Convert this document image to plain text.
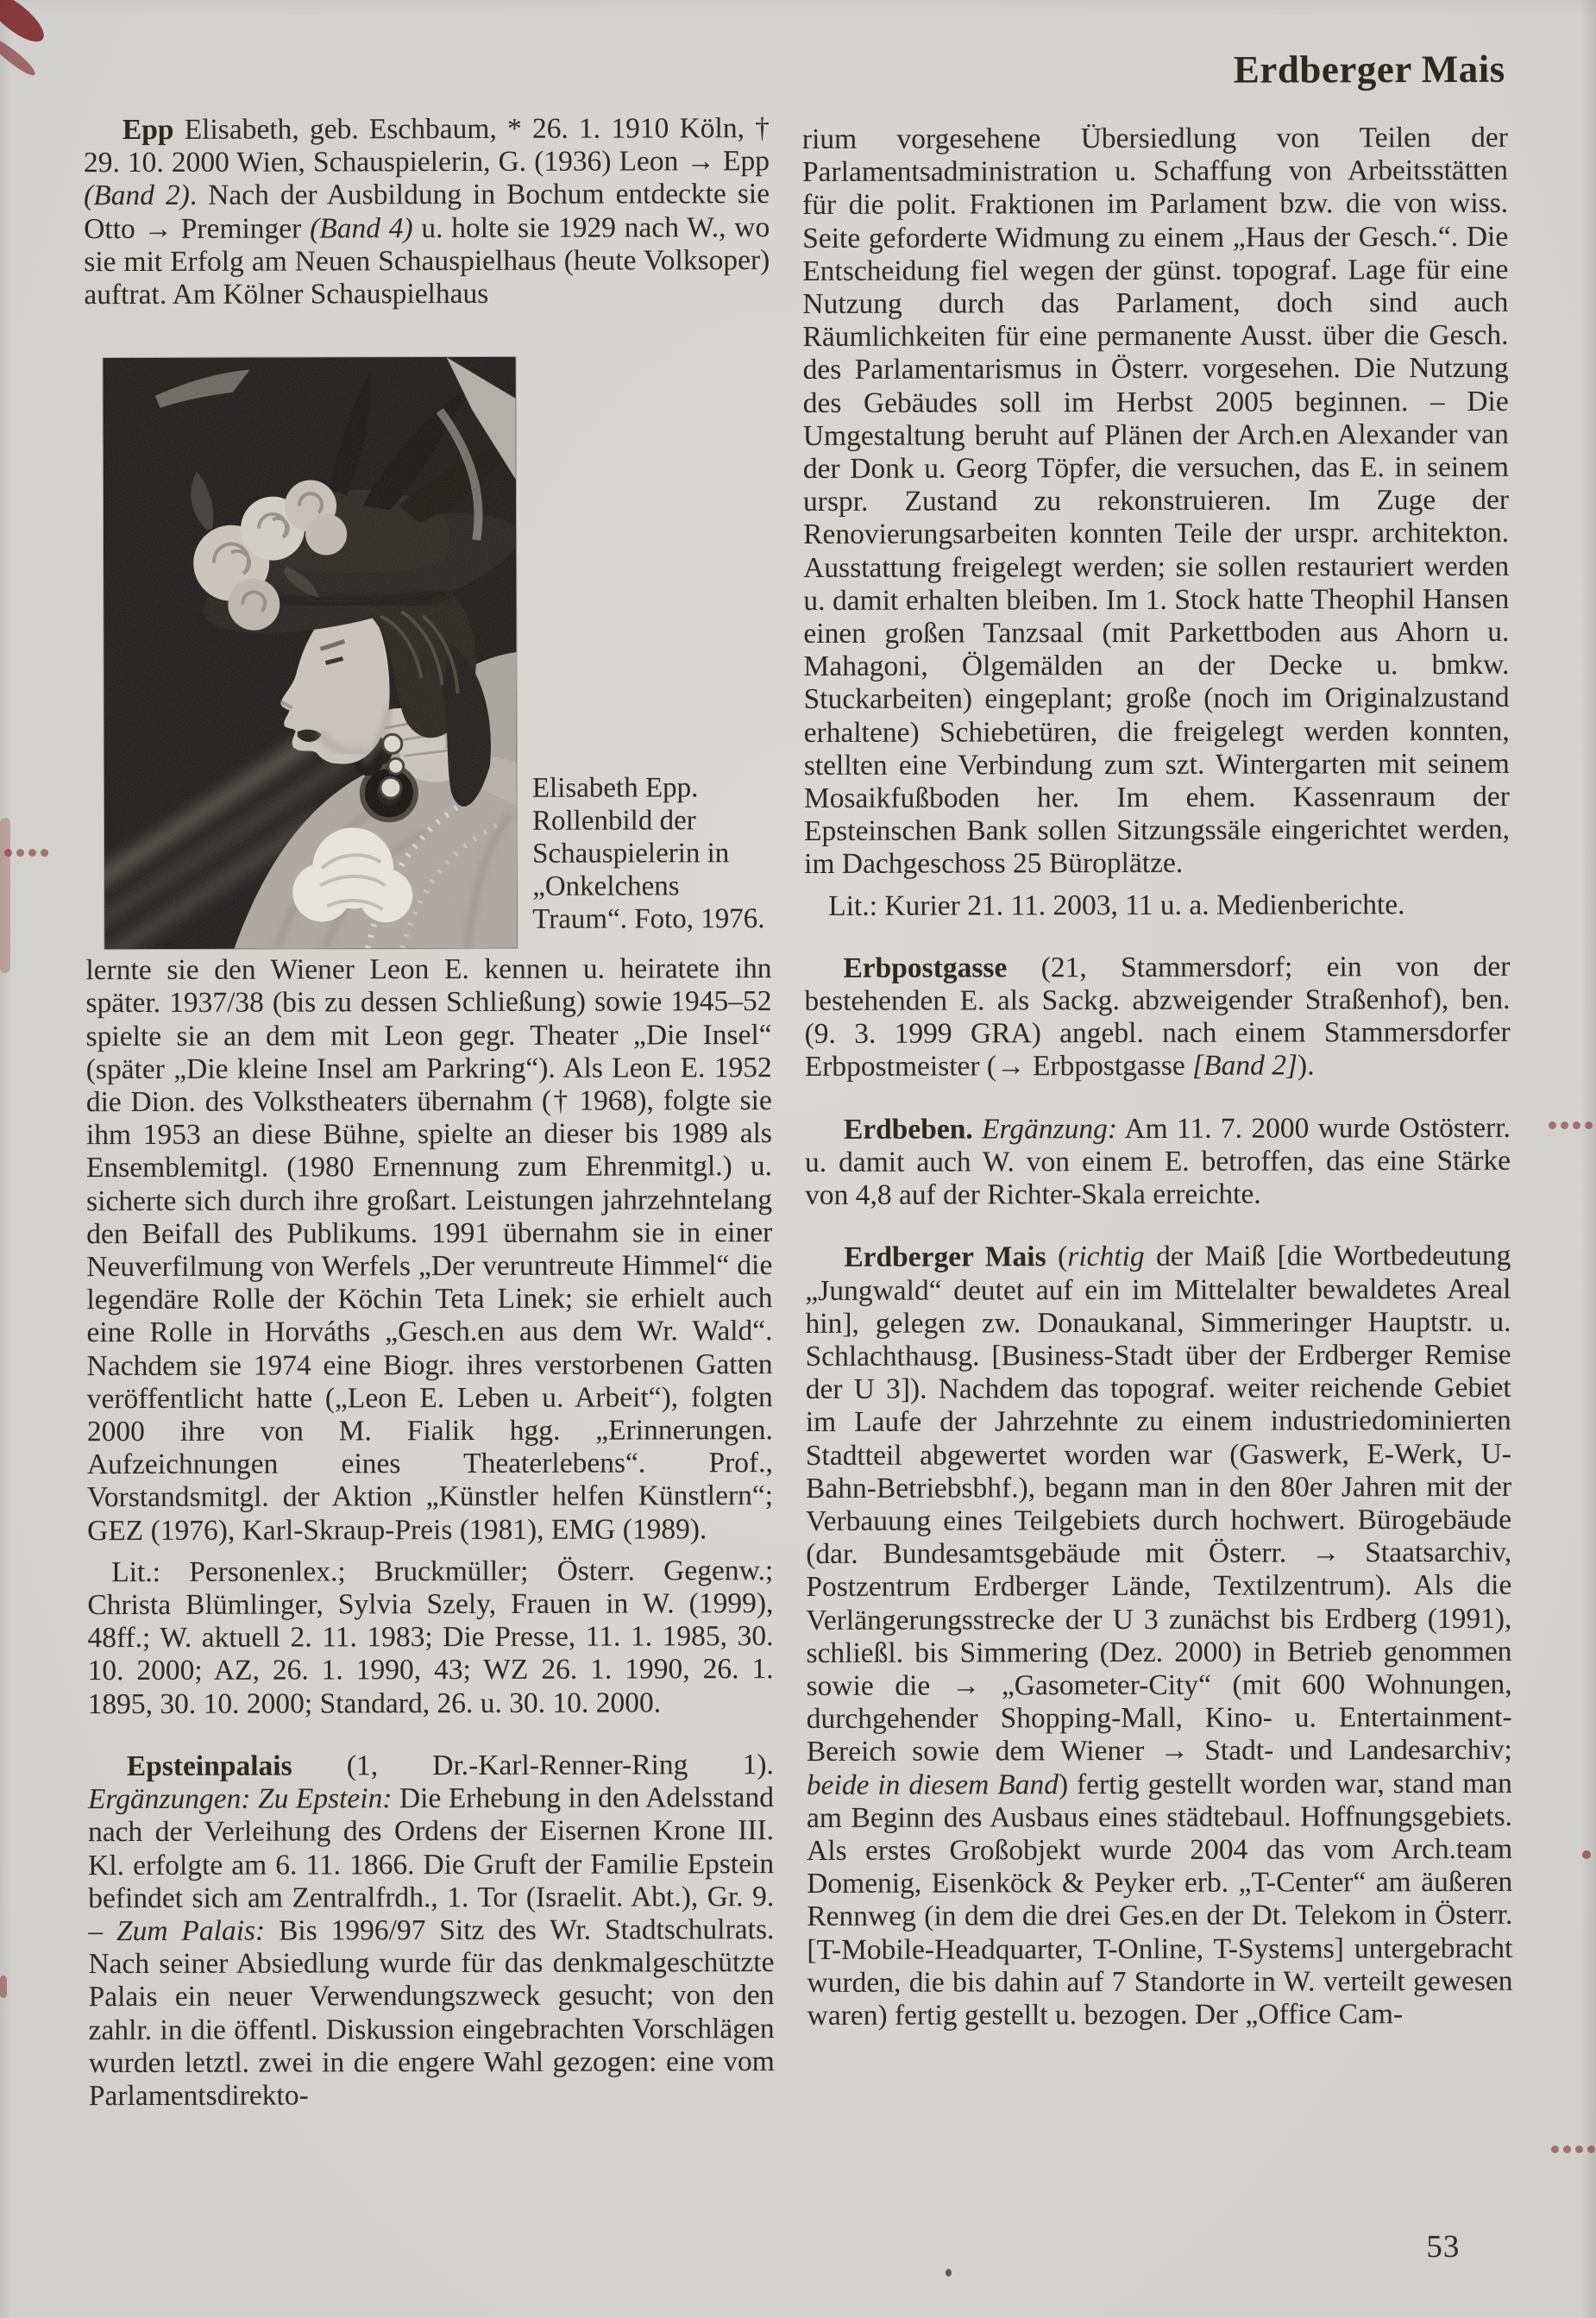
Erdberger Mais

Epp Elisabeth, geb. Eschbaum, * 26. 1. 1910 Köln, † 29. 10. 2000 Wien, Schauspielerin, G. (1936) Leon → Epp (Band 2). Nach der Ausbildung in Bochum entdeckte sie Otto → Preminger (Band 4) u. holte sie 1929 nach W., wo sie mit Erfolg am Neuen Schauspielhaus (heute Volksoper) auftrat. Am Kölner Schauspielhaus

Elisabeth Epp. Rollenbild der Schauspielerin in „Onkelchens Traum“. Foto, 1976.

lernte sie den Wiener Leon E. kennen u. heiratete ihn später. 1937/38 (bis zu dessen Schließung) sowie 1945–52 spielte sie an dem mit Leon gegr. Theater „Die Insel“ (später „Die kleine Insel am Parkring“). Als Leon E. 1952 die Dion. des Volkstheaters übernahm († 1968), folgte sie ihm 1953 an diese Bühne, spielte an dieser bis 1989 als Ensemblemitgl. (1980 Ernennung zum Ehrenmitgl.) u. sicherte sich durch ihre großart. Leistungen jahrzehntelang den Beifall des Publikums. 1991 übernahm sie in einer Neuverfilmung von Werfels „Der veruntreute Himmel“ die legendäre Rolle der Köchin Teta Linek; sie erhielt auch eine Rolle in Horváths „Gesch.en aus dem Wr. Wald“. Nachdem sie 1974 eine Biogr. ihres verstorbenen Gatten veröffentlicht hatte („Leon E. Leben u. Arbeit“), folgten 2000 ihre von M. Fialik hgg. „Erinnerungen. Aufzeichnungen eines Theaterlebens“. Prof., Vorstandsmitgl. der Aktion „Künstler helfen Künstlern“; GEZ (1976), Karl-Skraup-Preis (1981), EMG (1989).

Lit.: Personenlex.; Bruckmüller; Österr. Gegenw.; Christa Blümlinger, Sylvia Szely, Frauen in W. (1999), 48ff.; W. aktuell 2. 11. 1983; Die Presse, 11. 1. 1985, 30. 10. 2000; AZ, 26. 1. 1990, 43; WZ 26. 1. 1990, 26. 1. 1895, 30. 10. 2000; Standard, 26. u. 30. 10. 2000.

Epsteinpalais (1, Dr.-Karl-Renner-Ring 1). Ergänzungen: Zu Epstein: Die Erhebung in den Adelsstand nach der Verleihung des Ordens der Eisernen Krone III. Kl. erfolgte am 6. 11. 1866. Die Gruft der Familie Epstein befindet sich am Zentralfrdh., 1. Tor (Israelit. Abt.), Gr. 9. – Zum Palais: Bis 1996/97 Sitz des Wr. Stadtschulrats. Nach seiner Absiedlung wurde für das denkmalgeschützte Palais ein neuer Verwendungszweck gesucht; von den zahlr. in die öffentl. Diskussion eingebrachten Vorschlägen wurden letztl. zwei in die engere Wahl gezogen: eine vom Parlamentsdirekto-

rium vorgesehene Übersiedlung von Teilen der Parlamentsadministration u. Schaffung von Arbeitsstätten für die polit. Fraktionen im Parlament bzw. die von wiss. Seite geforderte Widmung zu einem „Haus der Gesch.“. Die Entscheidung fiel wegen der günst. topograf. Lage für eine Nutzung durch das Parlament, doch sind auch Räumlichkeiten für eine permanente Ausst. über die Gesch. des Parlamentarismus in Österr. vorgesehen. Die Nutzung des Gebäudes soll im Herbst 2005 beginnen. – Die Umgestaltung beruht auf Plänen der Arch.en Alexander van der Donk u. Georg Töpfer, die versuchen, das E. in seinem urspr. Zustand zu rekonstruieren. Im Zuge der Renovierungsarbeiten konnten Teile der urspr. architekton. Ausstattung freigelegt werden; sie sollen restauriert werden u. damit erhalten bleiben. Im 1. Stock hatte Theophil Hansen einen großen Tanzsaal (mit Parkettboden aus Ahorn u. Mahagoni, Ölgemälden an der Decke u. bmkw. Stuckarbeiten) eingeplant; große (noch im Originalzustand erhaltene) Schiebetüren, die freigelegt werden konnten, stellten eine Verbindung zum szt. Wintergarten mit seinem Mosaikfußboden her. Im ehem. Kassenraum der Epsteinschen Bank sollen Sitzungssäle eingerichtet werden, im Dachgeschoss 25 Büroplätze.

Lit.: Kurier 21. 11. 2003, 11 u. a. Medienberichte.

Erbpostgasse (21, Stammersdorf; ein von der bestehenden E. als Sackg. abzweigender Straßenhof), ben. (9. 3. 1999 GRA) angebl. nach einem Stammersdorfer Erbpostmeister (→ Erbpostgasse [Band 2]).

Erdbeben. Ergänzung: Am 11. 7. 2000 wurde Ostösterr. u. damit auch W. von einem E. betroffen, das eine Stärke von 4,8 auf der Richter-Skala erreichte.

Erdberger Mais (richtig der Maiß [die Wortbedeutung „Jungwald“ deutet auf ein im Mittelalter bewaldetes Areal hin], gelegen zw. Donaukanal, Simmeringer Hauptstr. u. Schlachthausg. [Business-Stadt über der Erdberger Remise der U 3]). Nachdem das topograf. weiter reichende Gebiet im Laufe der Jahrzehnte zu einem industriedominierten Stadtteil abgewertet worden war (Gaswerk, E-Werk, U-Bahn-Betriebsbhf.), begann man in den 80er Jahren mit der Verbauung eines Teilgebiets durch hochwert. Bürogebäude (dar. Bundesamtsgebäude mit Österr. → Staatsarchiv, Postzentrum Erdberger Lände, Textilzentrum). Als die Verlängerungsstrecke der U 3 zunächst bis Erdberg (1991), schließl. bis Simmering (Dez. 2000) in Betrieb genommen sowie die → „Gasometer-City“ (mit 600 Wohnungen, durchgehender Shopping-Mall, Kino- u. Entertainment-Bereich sowie dem Wiener → Stadt- und Landesarchiv; beide in diesem Band) fertig gestellt worden war, stand man am Beginn des Ausbaus eines städtebaul. Hoffnungsgebiets. Als erstes Großobjekt wurde 2004 das vom Arch.team Domenig, Eisenköck & Peyker erb. „T-Center“ am äußeren Rennweg (in dem die drei Ges.en der Dt. Telekom in Österr. [T-Mobile-Headquarter, T-Online, T-Systems] untergebracht wurden, die bis dahin auf 7 Standorte in W. verteilt gewesen waren) fertig gestellt u. bezogen. Der „Office Cam-

53
